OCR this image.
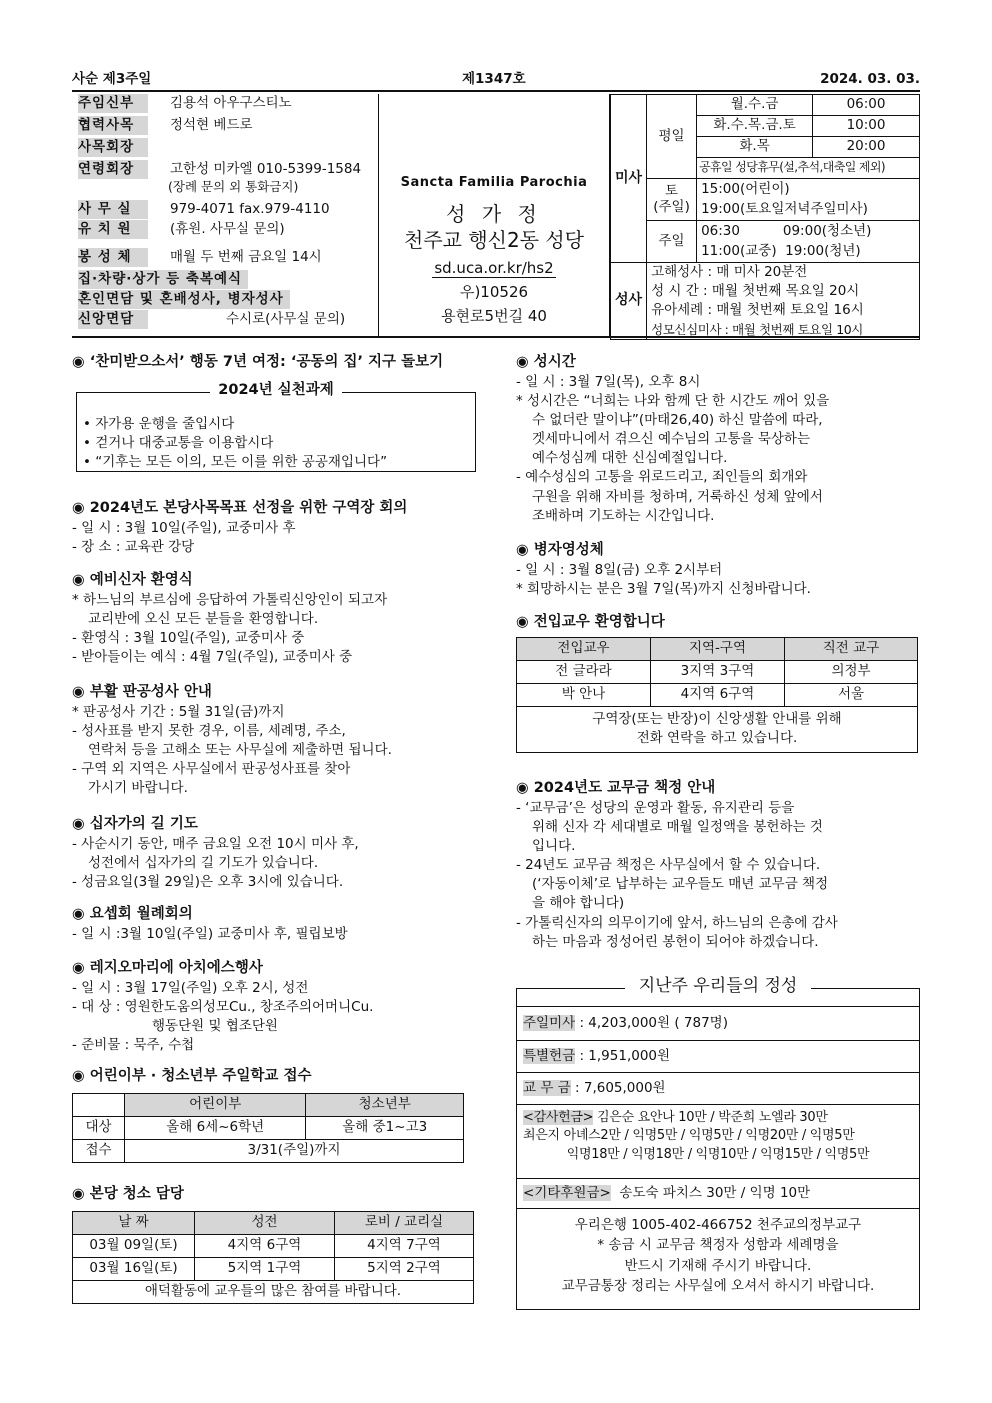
사순 제3주일	제1347호	2024. 03. 03.
주임신부	김용석 아우구스티노
협력사목	정석현 베드로
사목회장
연령회장	고한성 미카엘 010-5399-1584
(장례 문의 외 통화금지)
사 무 실	979-4071 fax.979-4110
유 치 원	(휴원. 사무실 문의)
봉 성 체	매월 두 번째 금요일 14시
집·차량·상가 등 축복예식
혼인면담 및 혼배성사, 병자성사
신앙면담	수시로(사무실 문의)
Sancta Familia Parochia
성 가 정
천주교 행신2동 성당
sd.uca.or.kr/hs2
우)10526
용현로5번길 40
미사	평일	월.수.금	06:00
		화.수.목.금.토	10:00
		화.목	20:00
		공휴일 성당휴무(설,추석,대축일 제외)	
	토
(주일)	15:00(어린이)	
		19:00(토요일저녁주일미사)	
	주일	06:30          09:00(청소년)	
		11:00(교중)  19:00(청년)	
성사	고해성사 : 매 미사 20분전		
	성 시 간 : 매월 첫번째 목요일 20시		
	유아세례 : 매월 첫번째 토요일 16시		
	성모신심미사 : 매월 첫번째 토요일 10시		
◉ ‘찬미받으소서’ 행동 7년 여정: ‘공동의 집’ 지구 돌보기
2024년 실천과제
• 자가용 운행을 줄입시다
• 걷거나 대중교통을 이용합시다
• “기후는 모든 이의, 모든 이를 위한 공공재입니다”
◉ 2024년도 본당사목목표 선정을 위한 구역장 회의
- 일 시 : 3월 10일(주일), 교중미사 후
- 장 소 : 교육관 강당
◉ 예비신자 환영식
* 하느님의 부르심에 응답하여 가톨릭신앙인이 되고자
교리반에 오신 모든 분들을 환영합니다.
- 환영식 : 3월 10일(주일), 교중미사 중
- 받아들이는 예식 : 4월 7일(주일), 교중미사 중
◉ 부활 판공성사 안내
* 판공성사 기간 : 5월 31일(금)까지
- 성사표를 받지 못한 경우, 이름, 세례명, 주소,
연락처 등을 고해소 또는 사무실에 제출하면 됩니다.
- 구역 외 지역은 사무실에서 판공성사표를 찾아
가시기 바랍니다.
◉ 십자가의 길 기도
- 사순시기 동안, 매주 금요일 오전 10시 미사 후,
성전에서 십자가의 길 기도가 있습니다.
- 성금요일(3월 29일)은 오후 3시에 있습니다.
◉ 요셉회 월례회의
- 일 시 :3월 10일(주일) 교중미사 후, 필립보방
◉ 레지오마리에 아치에스행사
- 일 시 : 3월 17일(주일) 오후 2시, 성전
- 대 상 : 영원한도움의성모Cu., 창조주의어머니Cu.
행동단원 및 협조단원
- 준비물 : 묵주, 수첩
◉ 어린이부 · 청소년부 주일학교 접수
	어린이부	청소년부
대상	올해 6세~6학년	올해 중1~고3
접수	3/31(주일)까지	
◉ 본당 청소 담당
날 짜	성전	로비 / 교리실
03월 09일(토)	4지역 6구역	4지역 7구역
03월 16일(토)	5지역 1구역	5지역 2구역
애덕활동에 교우들의 많은 참여를 바랍니다.		
◉ 성시간
- 일 시 : 3월 7일(목), 오후 8시
* 성시간은 “너희는 나와 함께 단 한 시간도 깨어 있을
수 없더란 말이냐”(마태26,40) 하신 말씀에 따라,
겟세마니에서 겪으신 예수님의 고통을 묵상하는
예수성심께 대한 신심예절입니다.
- 예수성심의 고통을 위로드리고, 죄인들의 회개와
구원을 위해 자비를 청하며, 거룩하신 성체 앞에서
조배하며 기도하는 시간입니다.
◉ 병자영성체
- 일 시 : 3월 8일(금) 오후 2시부터
* 희망하시는 분은 3월 7일(목)까지 신청바랍니다.
◉ 전입교우 환영합니다
전입교우	지역-구역	직전 교구
전 글라라	3지역 3구역	의정부
박 안나	4지역 6구역	서울
구역장(또는 반장)이 신앙생활 안내를 위해
전화 연락을 하고 있습니다.		
◉ 2024년도 교무금 책정 안내
- ‘교무금’은 성당의 운영과 활동, 유지관리 등을
위해 신자 각 세대별로 매월 일정액을 봉헌하는 것
입니다.
- 24년도 교무금 책정은 사무실에서 할 수 있습니다.
(‘자동이체’로 납부하는 교우들도 매년 교무금 책정
을 해야 합니다)
- 가톨릭신자의 의무이기에 앞서, 하느님의 은총에 감사
하는 마음과 정성어린 봉헌이 되어야 하겠습니다.
지난주 우리들의 정성
주일미사 : 4,203,000원 ( 787명)
특별헌금 : 1,951,000원
교 무 금 : 7,605,000원
<감사헌금> 김은순 요안나 10만 / 박준희 노엘라 30만
최은지 아녜스2만 / 익명5만 / 익명5만 / 익명20만 / 익명5만
익명18만 / 익명18만 / 익명10만 / 익명15만 / 익명5만
<기타후원금>  송도숙 파치스 30만 / 익명 10만
우리은행 1005-402-466752 천주교의정부교구
* 송금 시 교무금 책정자 성함과 세례명을
반드시 기재해 주시기 바랍니다.
교무금통장 정리는 사무실에 오셔서 하시기 바랍니다.
